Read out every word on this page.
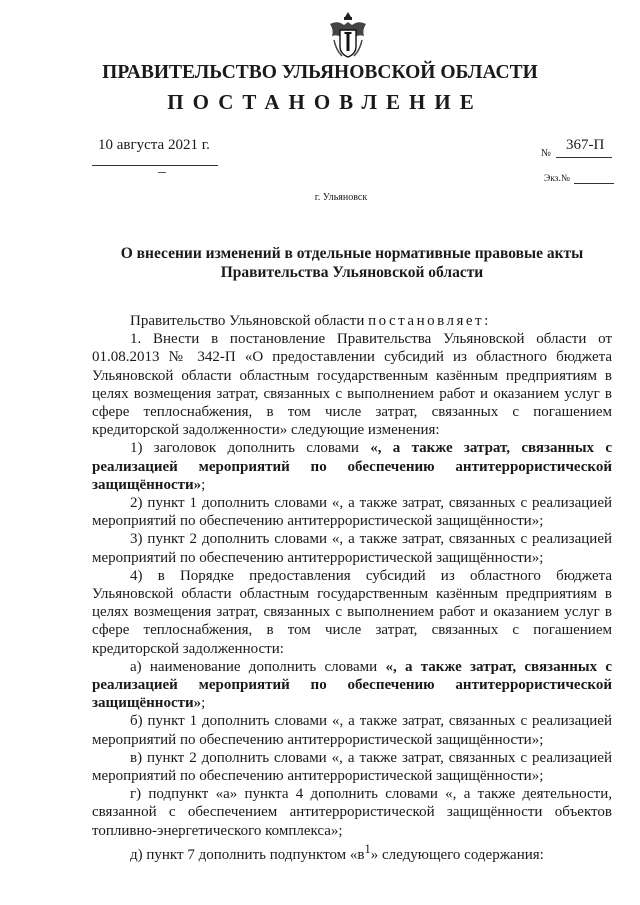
ПРАВИТЕЛЬСТВО УЛЬЯНОВСКОЙ ОБЛАСТИ
ПОСТАНОВЛЕНИЕ
10 августа 2021 г.
№
367-П
Экз.№
г. Ульяновск
О внесении изменений в отдельные нормативные правовые акты
Правительства Ульяновской области

Правительство Ульяновской области постановляет:

1. Внести в постановление Правительства Ульяновской области от 01.08.2013 № 342-П «О предоставлении субсидий из областного бюджета Ульяновской области областным государственным казённым предприятиям в целях возмещения затрат, связанных с выполнением работ и оказанием услуг в сфере теплоснабжения, в том числе затрат, связанных с погашением кредиторской задолженности» следующие изменения:

1) заголовок дополнить словами «, а также затрат, связанных с реализацией мероприятий по обеспечению антитеррористической защищённости»;

2) пункт 1 дополнить словами «, а также затрат, связанных с реализацией мероприятий по обеспечению антитеррористической защищённости»;

3) пункт 2 дополнить словами «, а также затрат, связанных с реализацией мероприятий по обеспечению антитеррористической защищённости»;

4) в Порядке предоставления субсидий из областного бюджета Ульяновской области областным государственным казённым предприятиям в целях возмещения затрат, связанных с выполнением работ и оказанием услуг в сфере теплоснабжения, в том числе затрат, связанных с погашением кредиторской задолженности:

а) наименование дополнить словами «, а также затрат, связанных с реализацией мероприятий по обеспечению антитеррористической защищённости»;

б) пункт 1 дополнить словами «, а также затрат, связанных с реализацией мероприятий по обеспечению антитеррористической защищённости»;

в) пункт 2 дополнить словами «, а также затрат, связанных с реализацией мероприятий по обеспечению антитеррористической защищённости»;

г) подпункт «а» пункта 4 дополнить словами «, а также деятельности, связанной с обеспечением антитеррористической защищённости объектов топливно-энергетического комплекса»;

д) пункт 7 дополнить подпунктом «$в^1$» следующего содержания:
